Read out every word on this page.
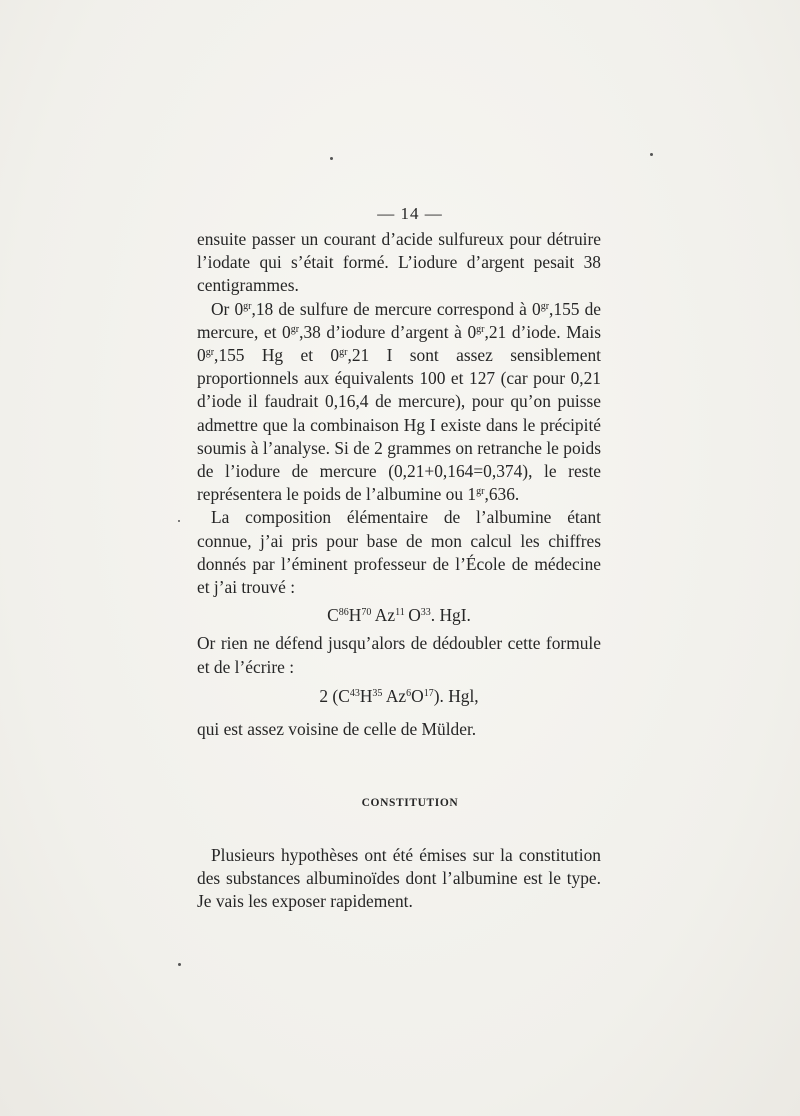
— 14 —

ensuite passer un courant d’acide sulfureux pour détruire l’iodate qui s’était formé. L’iodure d’argent pesait 38 centigrammes.

Or $0^{gr},18$ de sulfure de mercure correspond à $0^{gr},155$ de mercure, et $0^{gr},38$ d’iodure d’argent à $0^{gr},21$ d’iode. Mais $0^{gr},155$ Hg et $0^{gr},21$ I sont assez sensiblement proportionnels aux équivalents 100 et 127 (car pour 0,21 d’iode il faudrait 0,16,4 de mercure), pour qu’on puisse admettre que la combinaison Hg I existe dans le précipité soumis à l’analyse. Si de 2 grammes on retranche le poids de l’iodure de mercure (0,21+0,164=0,374), le reste représentera le poids de l’albumine ou $1^{gr},636$.

La composition élémentaire de l’albumine étant connue, j’ai pris pour base de mon calcul les chiffres donnés par l’éminent professeur de l’École de médecine et j’ai trouvé :

$C^{86}H^{70}$  Az$^{11}$  $O^{33}$. HgI.

Or rien ne défend jusqu’alors de dédoubler cette formule et de l’écrire :

2 ($C^{43}H^{35}$  $Az^6O^{17}$). Hgl,

qui est assez voisine de celle de Mülder.

CONSTITUTION

Plusieurs hypothèses ont été émises sur la constitution des substances albuminoïdes dont l’albumine est le type. Je vais les exposer rapidement.
